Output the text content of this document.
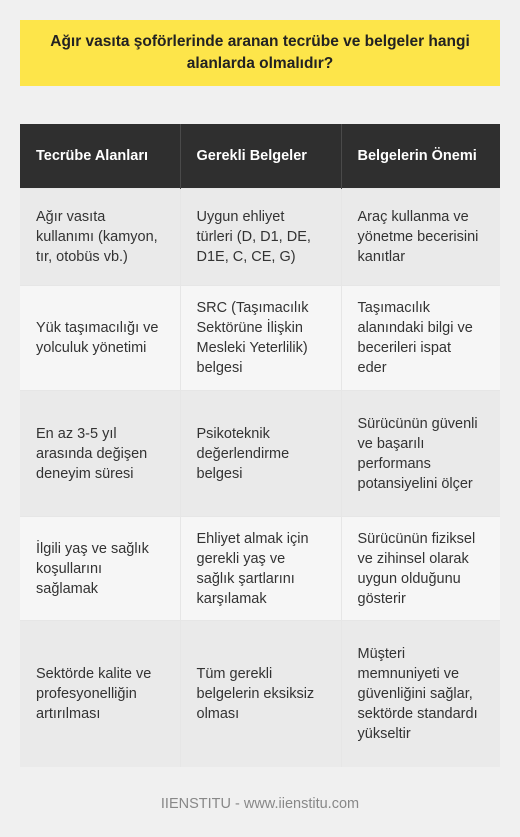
Ağır vasıta şoförlerinde aranan tecrübe ve belgeler hangi alanlarda olmalıdır?
Tecrübe Alanları	Gerekli Belgeler	Belgelerin Önemi
Ağır vasıta kullanımı (kamyon, tır, otobüs vb.)	Uygun ehliyet türleri (D, D1, DE, D1E, C, CE, G)	Araç kullanma ve yönetme becerisini kanıtlar
Yük taşımacılığı ve yolculuk yönetimi	SRC (Taşımacılık Sektörüne İlişkin Mesleki Yeterlilik) belgesi	Taşımacılık alanındaki bilgi ve becerileri ispat eder
En az 3-5 yıl arasında değişen deneyim süresi	Psikoteknik değerlendirme belgesi	Sürücünün güvenli ve başarılı performans potansiyelini ölçer
İlgili yaş ve sağlık koşullarını sağlamak	Ehliyet almak için gerekli yaş ve sağlık şartlarını karşılamak	Sürücünün fiziksel ve zihinsel olarak uygun olduğunu gösterir
Sektörde kalite ve profesyonelliğin artırılması	Tüm gerekli belgelerin eksiksiz olması	Müşteri memnuniyeti ve güvenliğini sağlar, sektörde standardı yükseltir
IIENSTITU - www.iienstitu.com
